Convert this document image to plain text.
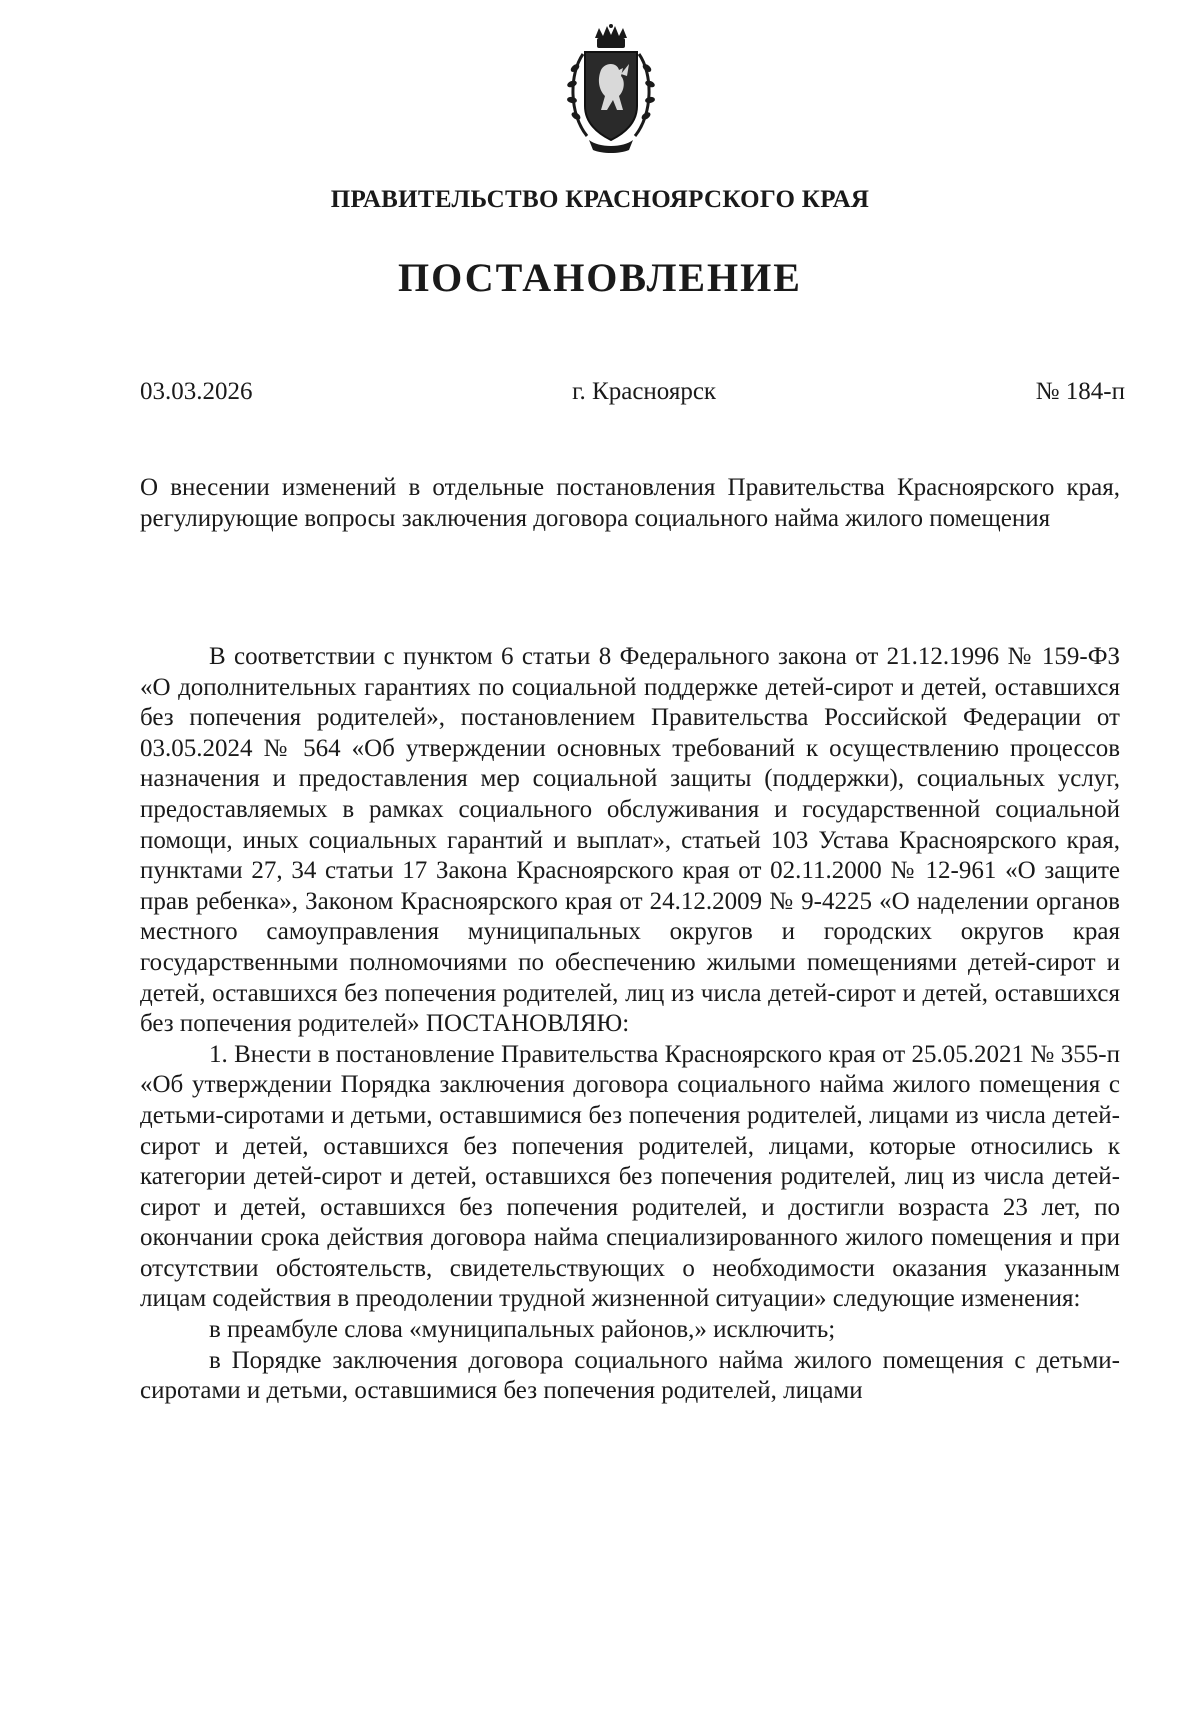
ПРАВИТЕЛЬСТВО КРАСНОЯРСКОГО КРАЯ
ПОСТАНОВЛЕНИЕ
03.03.2026	г. Красноярск	№ 184-п
О внесении изменений в отдельные постановления Правительства Красноярского края, регулирующие вопросы заключения договора социального найма жилого помещения

В соответствии с пунктом 6 статьи 8 Федерального закона от 21.12.1996 № 159-ФЗ «О дополнительных гарантиях по социальной поддержке детей-сирот и детей, оставшихся без попечения родителей», постановлением Правительства Российской Федерации от 03.05.2024 № 564 «Об утверждении основных требований к осуществлению процессов назначения и предоставления мер социальной защиты (поддержки), социальных услуг, предоставляемых в рамках социального обслуживания и государственной социальной помощи, иных социальных гарантий и выплат», статьей 103 Устава Красноярского края, пунктами 27, 34 статьи 17 Закона Красноярского края от 02.11.2000 № 12-961 «О защите прав ребенка», Законом Красноярского края от 24.12.2009 № 9-4225 «О наделении органов местного самоуправления муниципальных округов и городских округов края государственными полномочиями по обеспечению жилыми помещениями детей-сирот и детей, оставшихся без попечения родителей, лиц из числа детей-сирот и детей, оставшихся без попечения родителей» ПОСТАНОВЛЯЮ:

1. Внести в постановление Правительства Красноярского края от 25.05.2021 № 355-п «Об утверждении Порядка заключения договора социального найма жилого помещения с детьми-сиротами и детьми, оставшимися без попечения родителей, лицами из числа детей-сирот и детей, оставшихся без попечения родителей, лицами, которые относились к категории детей-сирот и детей, оставшихся без попечения родителей, лиц из числа детей-сирот и детей, оставшихся без попечения родителей, и достигли возраста 23 лет, по окончании срока действия договора найма специализированного жилого помещения и при отсутствии обстоятельств, свидетельствующих о необходимости оказания указанным лицам содействия в преодолении трудной жизненной ситуации» следующие изменения:

в преамбуле слова «муниципальных районов,» исключить;

в Порядке заключения договора социального найма жилого помещения с детьми-сиротами и детьми, оставшимися без попечения родителей, лицами
